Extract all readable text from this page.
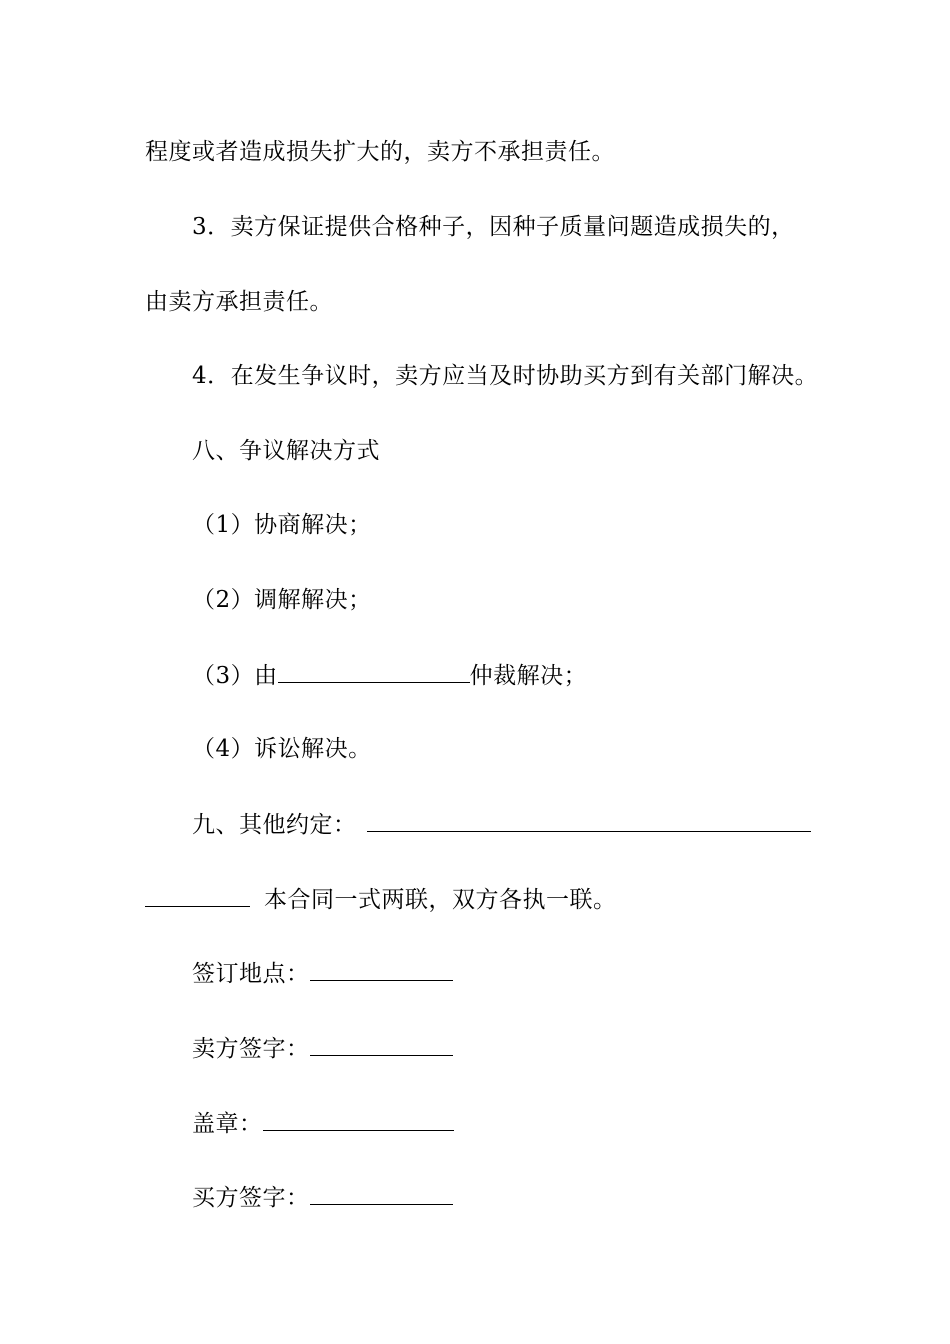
程度或者造成损失扩大的，卖方不承担责任。
3．卖方保证提供合格种子，因种子质量问题造成损失的，
由卖方承担责任。
4．在发生争议时，卖方应当及时协助买方到有关部门解决。
八、争议解决方式
（1）协商解决；
（2）调解解决；
（3）由	仲裁解决；
（4）诉讼解决。
九、其他约定：
本合同一式两联，双方各执一联。
签订地点：
卖方签字：
盖章：
买方签字：
